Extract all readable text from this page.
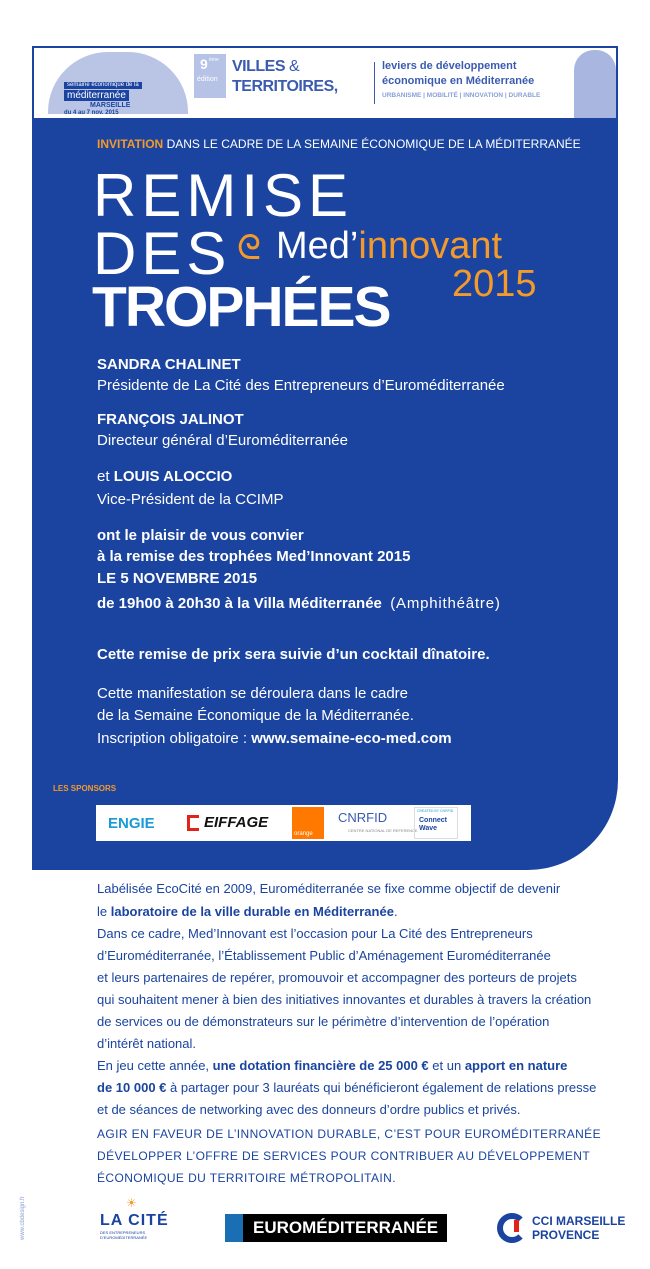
semaine économique de la
méditerranée
MARSEILLE
du 4 au 7 nov. 2015
9 ème
édition
VILLES &
TERRITOIRES,
leviers de développement
économique en Méditerranée
URBANISME | MOBILITÉ | INNOVATION | DURABLE
INVITATION DANS LE CADRE DE LA SEMAINE ÉCONOMIQUE DE LA MÉDITERRANÉE
REMISE
DES
TROPHÉES
ᘓ Med’innovant
2015
SANDRA CHALINET
Présidente de La Cité des Entrepreneurs d’Euroméditerranée
FRANÇOIS JALINOT
Directeur général d’Euroméditerranée
et LOUIS ALOCCIO
Vice-Président de la CCIMP
ont le plaisir de vous convier
à la remise des trophées Med’Innovant 2015
LE 5 NOVEMBRE 2015
de 19h00 à 20h30 à la Villa Méditerranée (Amphithéâtre)
Cette remise de prix sera suivie d’un cocktail dînatoire.
Cette manifestation se déroulera dans le cadre
de la Semaine Économique de la Méditerranée.
Inscription obligatoire : www.semaine-eco-med.com
LES SPONSORS
ENGIE	EIFFAGE
orange
CNRFID
CENTRE NATIONAL DE REFERENCE
CREATED BY CNRFID
Connect Wave
Labélisée EcoCité en 2009, Euroméditerranée se fixe comme objectif de devenir
le laboratoire de la ville durable en Méditerranée.
Dans ce cadre, Med’Innovant est l’occasion pour La Cité des Entrepreneurs
d’Euroméditerranée, l’Établissement Public d’Aménagement Euroméditerranée
et leurs partenaires de repérer, promouvoir et accompagner des porteurs de projets
qui souhaitent mener à bien des initiatives innovantes et durables à travers la création
de services ou de démonstrateurs sur le périmètre d’intervention de l’opération
d’intérêt national.
En jeu cette année, une dotation financière de 25 000 € et un apport en nature
de 10 000 € à partager pour 3 lauréats qui bénéficieront également de relations presse
et de séances de networking avec des donneurs d’ordre publics et privés.
AGIR EN FAVEUR DE L’INNOVATION DURABLE, C’EST POUR EUROMÉDITERRANÉE
DÉVELOPPER L’OFFRE DE SERVICES POUR CONTRIBUER AU DÉVELOPPEMENT
ÉCONOMIQUE DU TERRITOIRE MÉTROPOLITAIN.
www.cbdesign.fr	☀
LA CITÉ
DES ENTREPRENEURS
D’EUROMÉDITERRANÉE
EUROMÉDITERRANÉE	CCI MARSEILLE
PROVENCE
